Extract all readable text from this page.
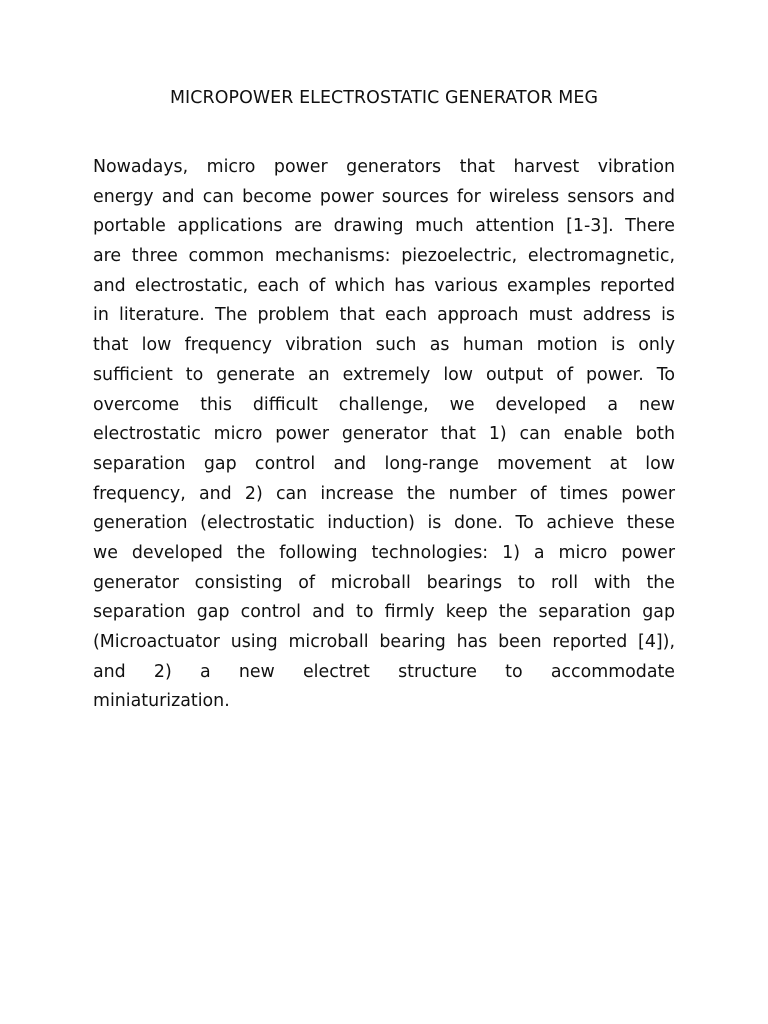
MICROPOWER ELECTROSTATIC GENERATOR MEG
Nowadays, micro power generators that harvest vibration
energy and can become power sources for wireless sensors and
portable applications are drawing much attention [1-3]. There
are three common mechanisms: piezoelectric, electromagnetic,
and electrostatic, each of which has various examples reported
in literature. The problem that each approach must address is
that low frequency vibration such as human motion is only
sufficient to generate an extremely low output of power. To
overcome this difficult challenge, we developed a new
electrostatic micro power generator that 1) can enable both
separation gap control and long-range movement at low
frequency, and 2) can increase the number of times power
generation (electrostatic induction) is done. To achieve these
we developed the following technologies: 1) a micro power
generator consisting of microball bearings to roll with the
separation gap control and to firmly keep the separation gap
(Microactuator using microball bearing has been reported [4]),
and 2) a new electret structure to accommodate
miniaturization.
